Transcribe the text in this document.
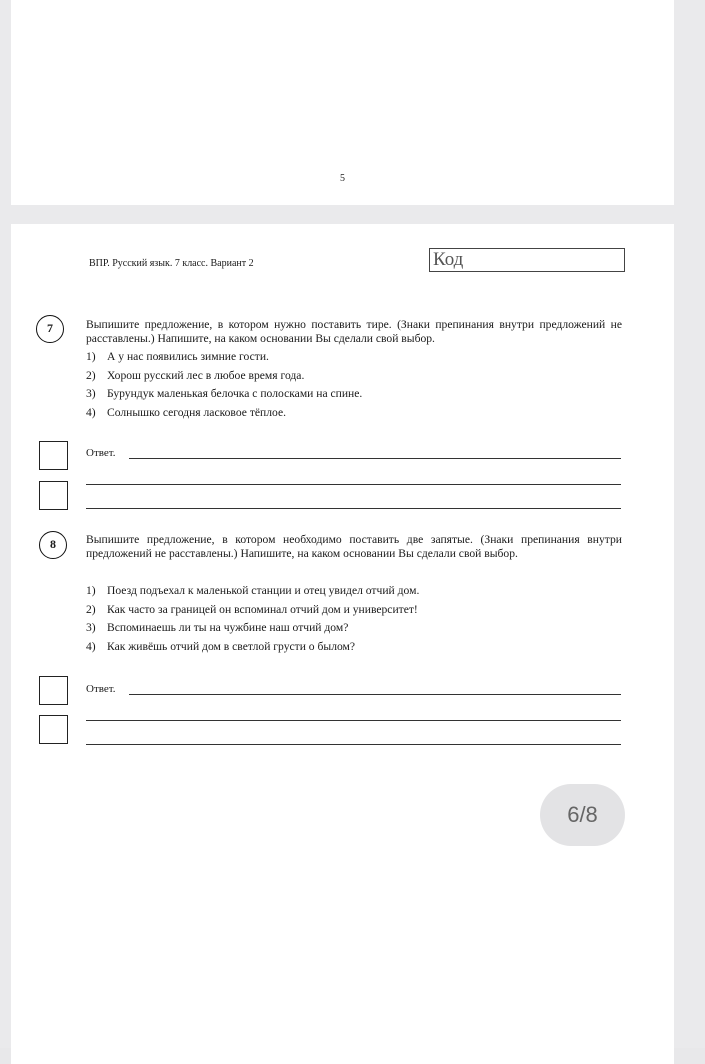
5
ВПР. Русский язык. 7 класс. Вариант 2	Код
7	Выпишите предложение, в котором нужно поставить тире. (Знаки препинания внутри предложений не расставлены.) Напишите, на каком основании Вы сделали свой выбор.
1) А у нас появились зимние гости.
2) Хорош русский лес в любое время года.
3) Бурундук маленькая белочка с полосками на спине.
4) Солнышко сегодня ласковое тёплое.
Ответ.
8	Выпишите предложение, в котором необходимо поставить две запятые. (Знаки препинания внутри предложений не расставлены.) Напишите, на каком основании Вы сделали свой выбор.
1) Поезд подъехал к маленькой станции и отец увидел отчий дом.
2) Как часто за границей он вспоминал отчий дом и университет!
3) Вспоминаешь ли ты на чужбине наш отчий дом?
4) Как живёшь отчий дом в светлой грусти о былом?
Ответ.
6/8
